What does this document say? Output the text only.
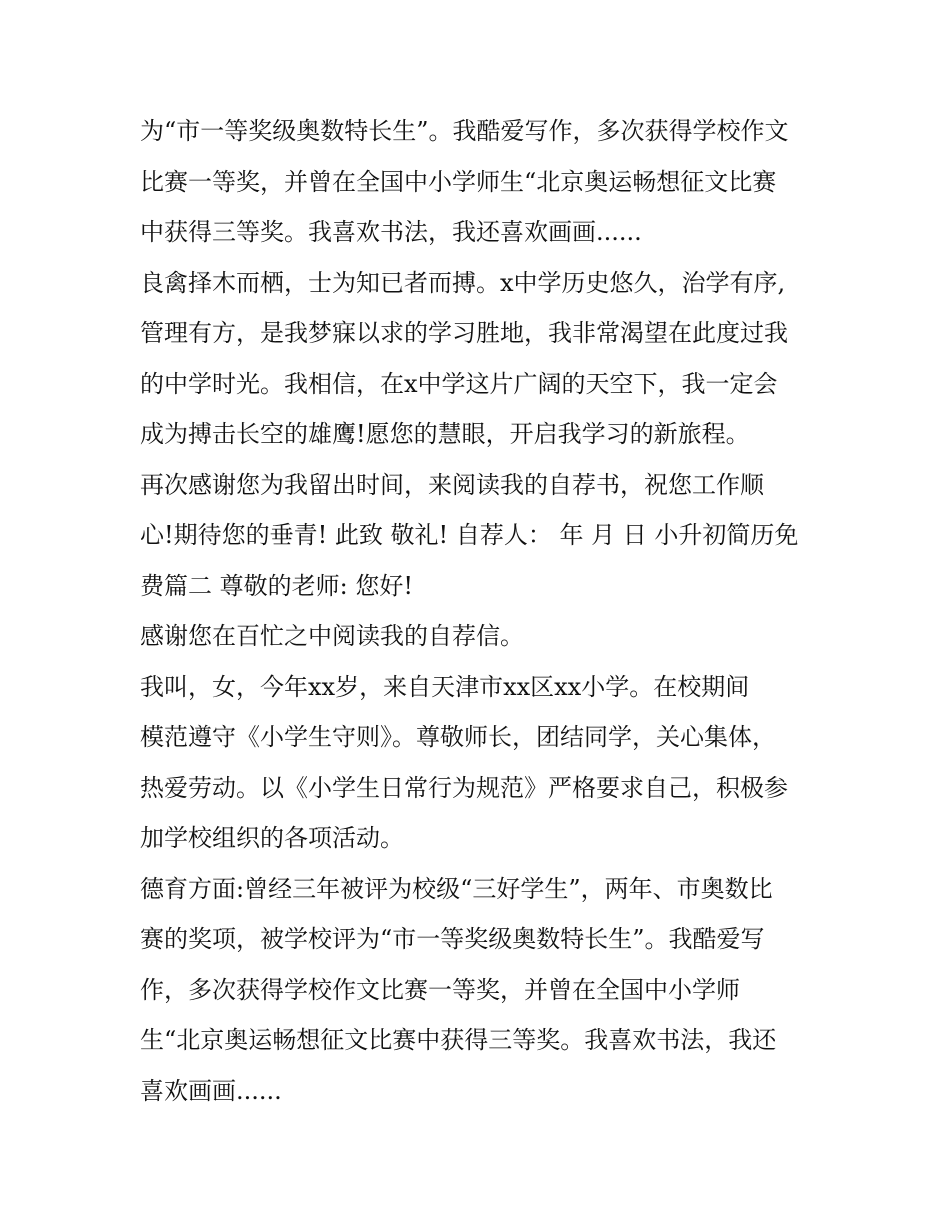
为“市一等奖级奥数特长生”。我酷爱写作，多次获得学校作文
比赛一等奖，并曾在全国中小学师生“北京奥运畅想征文比赛
中获得三等奖。我喜欢书法，我还喜欢画画......
良禽择木而栖，士为知已者而搏。x中学历史悠久，治学有序,
管理有方，是我梦寐以求的学习胜地，我非常渴望在此度过我
的中学时光。我相信，在x中学这片广阔的天空下，我一定会
成为搏击长空的雄鹰!愿您的慧眼，开启我学习的新旅程。
再次感谢您为我留出时间，来阅读我的自荐书，祝您工作顺
心!期待您的垂青! 此致 敬礼! 自荐人： 年 月 日 小升初简历免
费篇二 尊敬的老师: 您好!
感谢您在百忙之中阅读我的自荐信。
我叫，女，今年xx岁，来自天津市xx区xx小学。在校期间
模范遵守《小学生守则》。尊敬师长，团结同学，关心集体，
热爱劳动。以《小学生日常行为规范》严格要求自己，积极参
加学校组织的各项活动。
德育方面:曾经三年被评为校级“三好学生”，两年、市奥数比
赛的奖项，被学校评为“市一等奖级奥数特长生”。我酷爱写
作，多次获得学校作文比赛一等奖，并曾在全国中小学师
生“北京奥运畅想征文比赛中获得三等奖。我喜欢书法，我还
喜欢画画......
